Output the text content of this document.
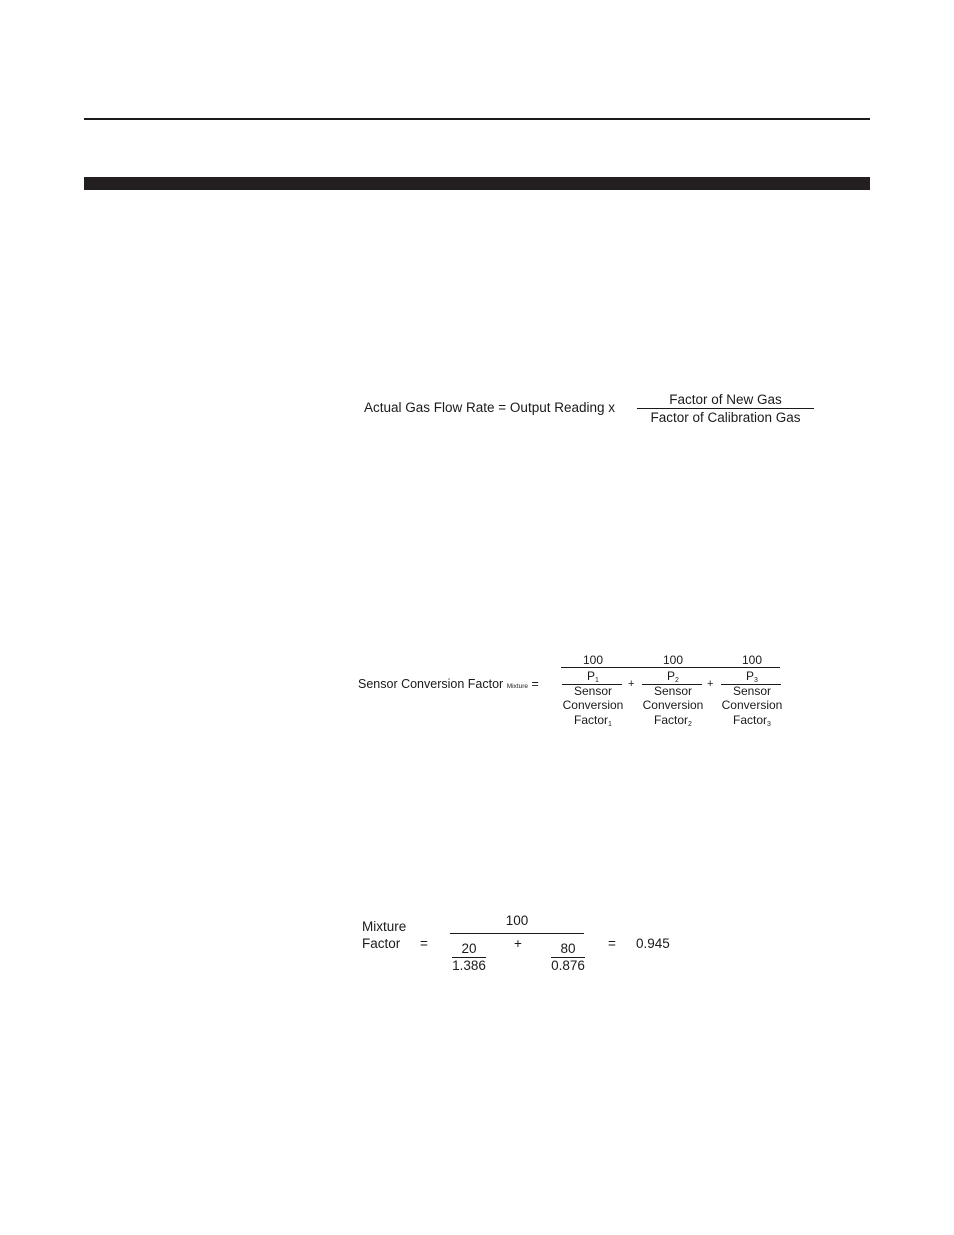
Actual Gas Flow Rate = Output Reading x
Factor of New Gas
Factor of Calibration Gas
Sensor Conversion Factor Mixture =
100	100	100
$P_1$
Sensor
Conversion
Factor$_1$
+
$P_2$
Sensor
Conversion
Factor$_2$
+
$P_3$
Sensor
Conversion
Factor$_3$
Mixture
Factor =
100
20
1.386
+	80
0.876
= 0.945
